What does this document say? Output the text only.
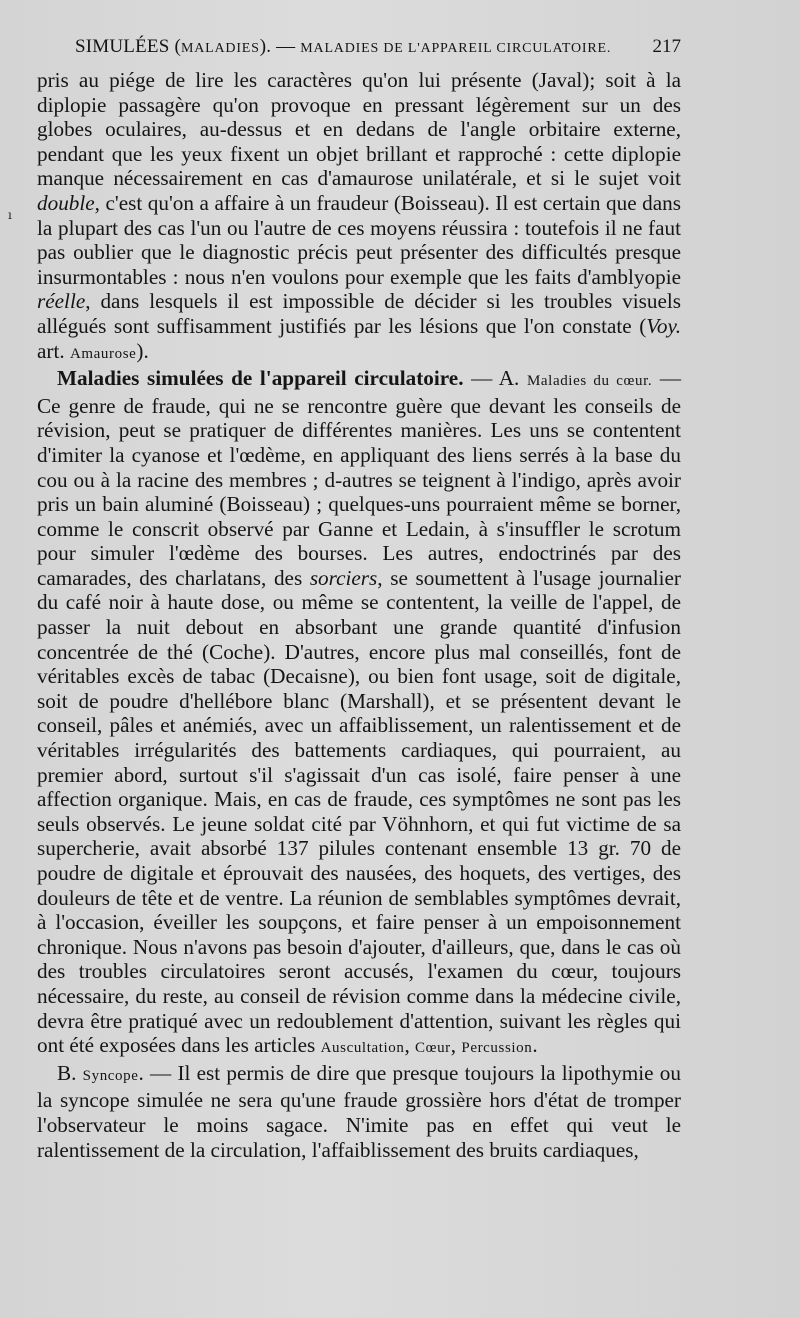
SIMULÉES (MALADIES). — MALADIES DE L'APPAREIL CIRCULATOIRE. 217
ı

pris au piége de lire les caractères qu'on lui présente (Javal); soit à la diplopie passagère qu'on provoque en pressant légèrement sur un des globes oculaires, au-dessus et en dedans de l'angle orbitaire externe, pendant que les yeux fixent un objet brillant et rapproché : cette diplopie manque nécessairement en cas d'amaurose unilatérale, et si le sujet voit double, c'est qu'on a affaire à un fraudeur (Boisseau). Il est certain que dans la plupart des cas l'un ou l'autre de ces moyens réussira : toutefois il ne faut pas oublier que le diagnostic précis peut présenter des difficultés presque insurmontables : nous n'en voulons pour exemple que les faits d'amblyopie réelle, dans lesquels il est impossible de décider si les troubles visuels allégués sont suffisamment justifiés par les lésions que l'on constate (Voy. art. Amaurose).

Maladies simulées de l'appareil circulatoire. — A. Maladies du cœur. — Ce genre de fraude, qui ne se rencontre guère que devant les conseils de révision, peut se pratiquer de différentes manières. Les uns se contentent d'imiter la cyanose et l'œdème, en appliquant des liens serrés à la base du cou ou à la racine des membres ; d-autres se teignent à l'indigo, après avoir pris un bain aluminé (Boisseau) ; quelques-uns pourraient même se borner, comme le conscrit observé par Ganne et Ledain, à s'insuffler le scrotum pour simuler l'œdème des bourses. Les autres, endoctrinés par des camarades, des charlatans, des sorciers, se soumettent à l'usage journalier du café noir à haute dose, ou même se contentent, la veille de l'appel, de passer la nuit debout en absorbant une grande quantité d'infusion concentrée de thé (Coche). D'autres, encore plus mal conseillés, font de véritables excès de tabac (Decaisne), ou bien font usage, soit de digitale, soit de poudre d'hellébore blanc (Marshall), et se présentent devant le conseil, pâles et anémiés, avec un affaiblissement, un ralentissement et de véritables irrégularités des battements cardiaques, qui pourraient, au premier abord, surtout s'il s'agissait d'un cas isolé, faire penser à une affection organique. Mais, en cas de fraude, ces symptômes ne sont pas les seuls observés. Le jeune soldat cité par Vöhnhorn, et qui fut victime de sa supercherie, avait absorbé 137 pilules contenant ensemble 13 gr. 70 de poudre de digitale et éprouvait des nausées, des hoquets, des vertiges, des douleurs de tête et de ventre. La réunion de semblables symptômes devrait, à l'occasion, éveiller les soupçons, et faire penser à un empoisonnement chronique. Nous n'avons pas besoin d'ajouter, d'ailleurs, que, dans le cas où des troubles circulatoires seront accusés, l'examen du cœur, toujours nécessaire, du reste, au conseil de révision comme dans la médecine civile, devra être pratiqué avec un redoublement d'attention, suivant les règles qui ont été exposées dans les articles Auscultation, Cœur, Percussion.

B. Syncope. — Il est permis de dire que presque toujours la lipothymie ou la syncope simulée ne sera qu'une fraude grossière hors d'état de tromper l'observateur le moins sagace. N'imite pas en effet qui veut le ralentissement de la circulation, l'affaiblissement des bruits cardiaques,
